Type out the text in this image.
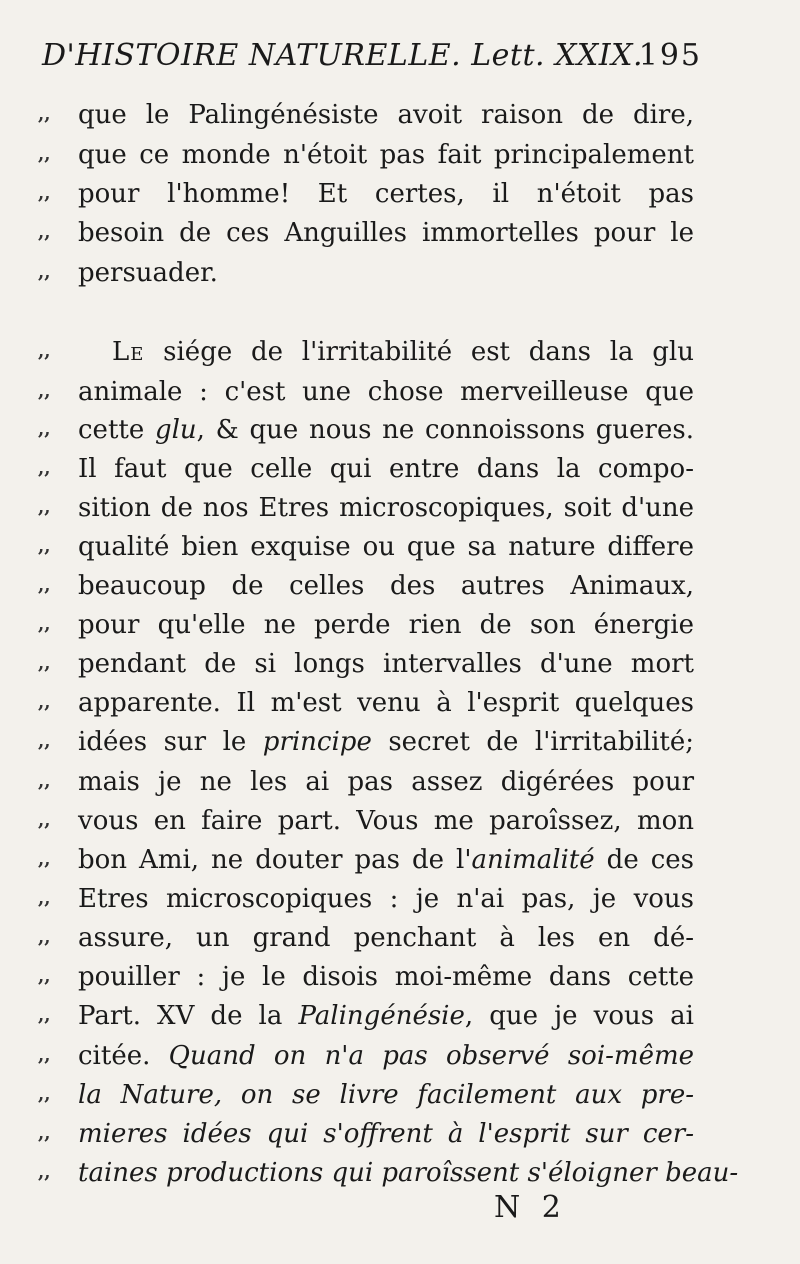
D'HISTOIRE NATURELLE. Lett. XXIX.
195
,,	que le Palingénésiste avoit raison de dire,
,,	que ce monde n'étoit pas fait principalement
,,	pour l'homme! Et certes, il n'étoit pas
,,	besoin de ces Anguilles immortelles pour le
,,	persuader.
,,	Le siége de l'irritabilité est dans la glu
,,	animale : c'est une chose merveilleuse que
,,	cette glu, & que nous ne connoissons gueres.
,,	Il faut que celle qui entre dans la compo-
,,	sition de nos Etres microscopiques, soit d'une
,,	qualité bien exquise ou que sa nature differe
,,	beaucoup de celles des autres Animaux,
,,	pour qu'elle ne perde rien de son énergie
,,	pendant de si longs intervalles d'une mort
,,	apparente. Il m'est venu à l'esprit quelques
,,	idées sur le principe secret de l'irritabilité;
,,	mais je ne les ai pas assez digérées pour
,,	vous en faire part. Vous me paroîssez, mon
,,	bon Ami, ne douter pas de l'animalité de ces
,,	Etres microscopiques : je n'ai pas, je vous
,,	assure, un grand penchant à les en dé-
,,	pouiller : je le disois moi-même dans cette
,,	Part. XV de la Palingénésie, que je vous ai
,,	citée. Quand on n'a pas observé soi-même
,,	la Nature, on se livre facilement aux pre-
,,	mieres idées qui s'offrent à l'esprit sur cer-
,,	taines productions qui paroîssent s'éloigner beau-
N 2
